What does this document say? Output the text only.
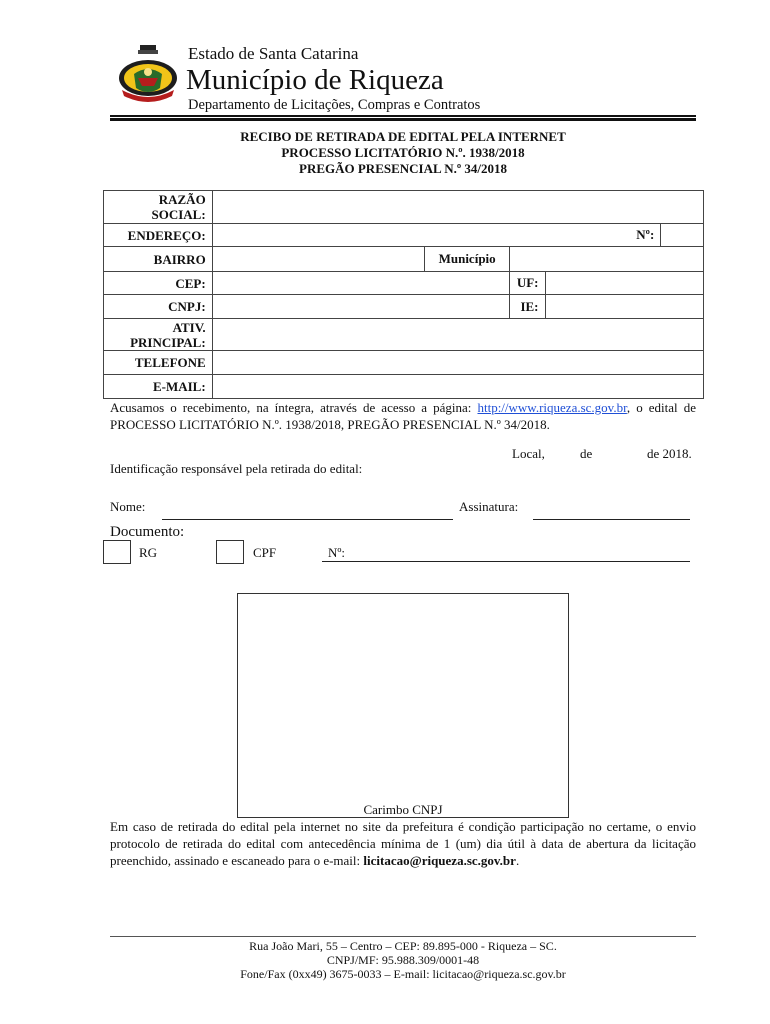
Estado de Santa Catarina
Município de Riqueza
Departamento de Licitações, Compras e Contratos
RECIBO DE RETIRADA DE EDITAL PELA INTERNET
PROCESSO LICITATÓRIO N.º. 1938/2018
PREGÃO PRESENCIAL N.º 34/2018
RAZÃO SOCIAL:					
ENDEREÇO:				Nº:	
BAIRRO		Município			
CEP:			UF:		
CNPJ:			IE:		
ATIV. PRINCIPAL:					
TELEFONE					
E-MAIL:					
Acusamos o recebimento, na íntegra, através de acesso a página: http://www.riqueza.sc.gov.br, o edital de PROCESSO LICITATÓRIO N.º. 1938/2018, PREGÃO PRESENCIAL N.º 34/2018.
Local,	de	de 2018.
Identificação responsável pela retirada do edital:
Nome:	Assinatura:
Documento:
RG	CPF	Nº:
Carimbo CNPJ
Em caso de retirada do edital pela internet no site da prefeitura é condição participação no certame, o envio protocolo de retirada do edital com antecedência mínima de 1 (um) dia útil à data de abertura da licitação preenchido, assinado e escaneado para o e-mail: licitacao@riqueza.sc.gov.br.
Rua João Mari, 55 – Centro – CEP: 89.895-000 - Riqueza – SC.
CNPJ/MF: 95.988.309/0001-48
Fone/Fax (0xx49) 3675-0033 – E-mail: licitacao@riqueza.sc.gov.br
